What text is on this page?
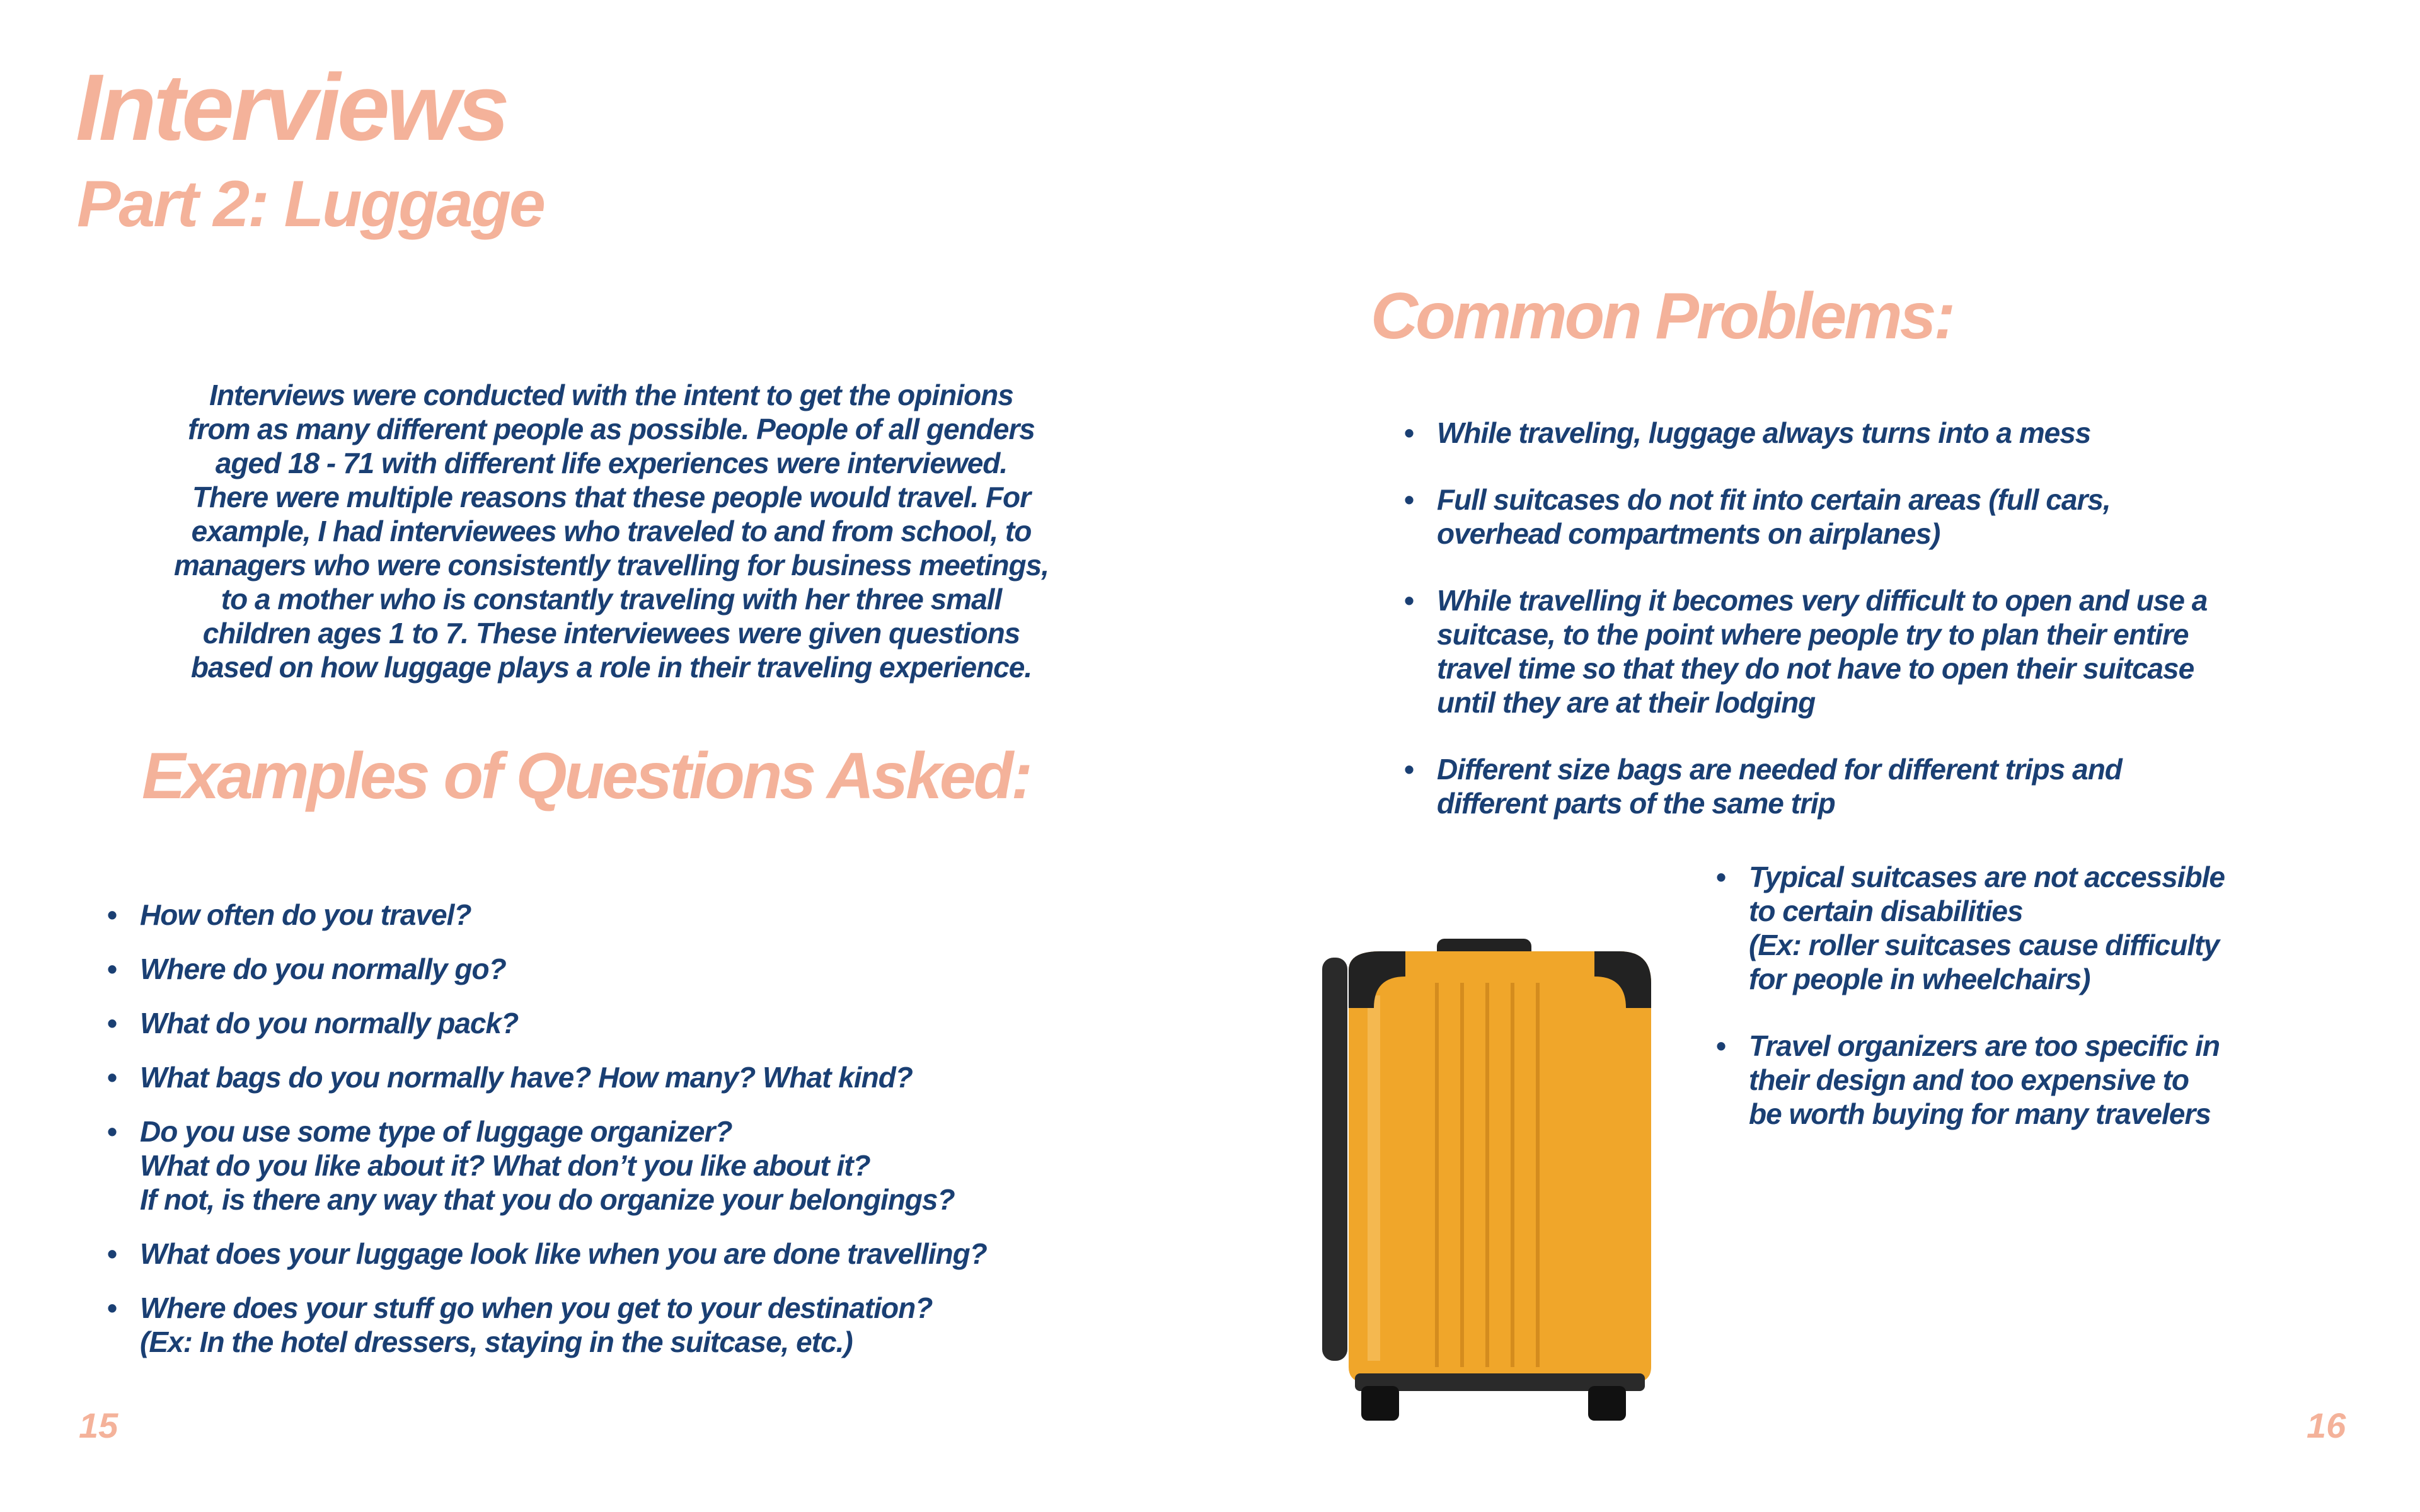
Interviews
Part 2: Luggage

Interviews were conducted with the intent to get the opinions
from as many different people as possible. People of all genders
aged 18 - 71 with different life experiences were interviewed.
There were multiple reasons that these people would travel. For
example, I had interviewees who traveled to and from school, to
managers who were consistently travelling for business meetings,
to a mother who is constantly traveling with her three small
children ages 1 to 7. These interviewees were given questions
based on how luggage plays a role in their traveling experience.

Examples of Questions Asked:
• How often do you travel?
• Where do you normally go?
• What do you normally pack?
• What bags do you normally have? How many? What kind?
• Do you use some type of luggage organizer?
What do you like about it? What don’t you like about it?
If not, is there any way that you do organize your belongings?
• What does your luggage look like when you are done travelling?
• Where does your stuff go when you get to your destination?
(Ex: In the hotel dressers, staying in the suitcase, etc.)
15
Common Problems:
• While traveling, luggage always turns into a mess
• Full suitcases do not fit into certain areas (full cars,
overhead compartments on airplanes)
• While travelling it becomes very difficult to open and use a
suitcase, to the point where people try to plan their entire
travel time so that they do not have to open their suitcase
until they are at their lodging
• Different size bags are needed for different trips and
different parts of the same trip
• Typical suitcases are not accessible
to certain disabilities
(Ex: roller suitcases cause difficulty
for people in wheelchairs)
• Travel organizers are too specific in
their design and too expensive to
be worth buying for many travelers
16
